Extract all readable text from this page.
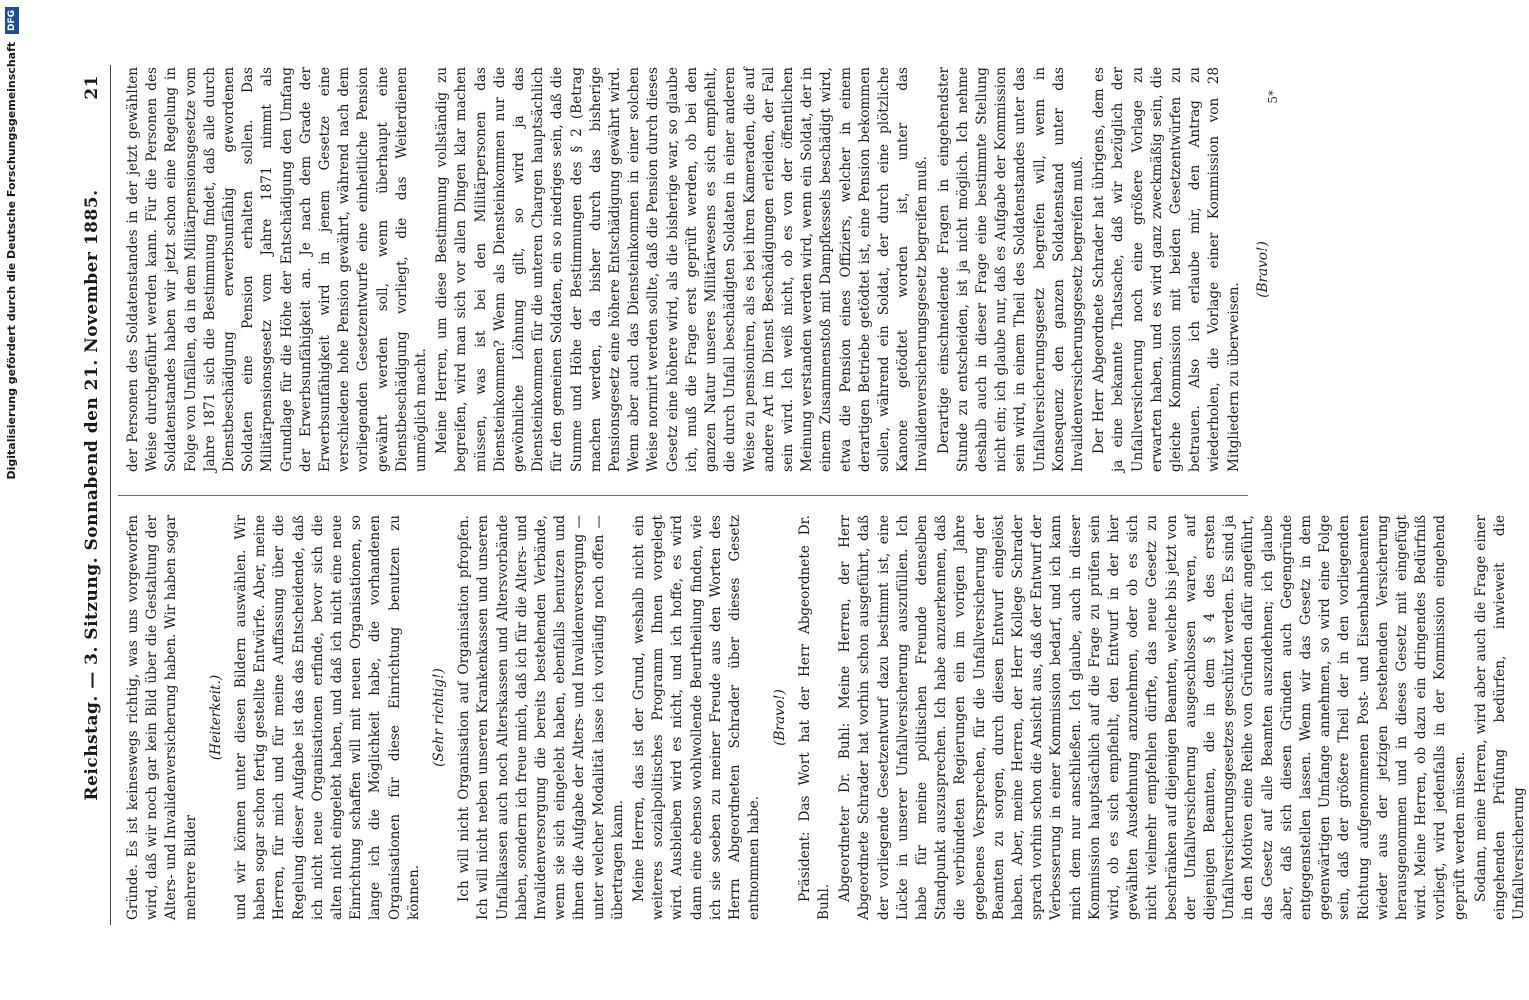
Digitalisierung gefördert durch die Deutsche Forschungsgemeinschaft DFG
Reichstag. — 3. Sitzung. Sonnabend den 21. November 1885.
21

Gründe. Es ist keineswegs richtig, was uns vorgeworfen wird, daß wir noch gar kein Bild über die Gestaltung der Alters- und Invalidenversicherung haben. Wir haben sogar mehrere Bilder

(Heiterkeit.) und wir können unter diesen Bildern auswählen. Wir haben sogar schon fertig gestellte Entwürfe. Aber, meine Herren, für mich und für meine Auffassung über die Regelung dieser Aufgabe ist das das Entscheidende, daß ich nicht neue Organisationen erfinde, bevor sich die alten nicht eingelebt haben, und daß ich nicht eine neue Einrichtung schaffen will mit neuen Organisationen, so lange ich die Möglichkeit habe, die vorhandenen Organisationen für diese Einrichtung benutzen zu können.

(Sehr richtig!) Ich will nicht Organisation auf Organisation pfropfen. Ich will nicht neben unseren Krankenkassen und unseren Unfallkassen auch noch Alterskassen und Altersvorbände haben, sondern ich freue mich, daß ich für die Alters- und Invalidenversorgung die bereits bestehenden Verbände, wenn sie sich eingelebt haben, ebenfalls benutzen und ihnen die Aufgabe der Alters- und Invalidenversorgung — unter welcher Modalität lasse ich vorläufig noch offen — übertragen kann. Meine Herren, das ist der Grund, weshalb nicht ein weiteres sozialpolitisches Programm Ihnen vorgelegt wird. Ausbleiben wird es nicht, und ich hoffe, es wird dann eine ebenso wohlwollende Beurtheilung finden, wie ich sie soeben zu meiner Freude aus den Worten des Herrn Abgeordneten Schrader über dieses Gesetz entnommen habe.

(Bravo!) Präsident: Das Wort hat der Herr Abgeordnete Dr. Buhl. Abgeordneter Dr. Buhl: Meine Herren, der Herr Abgeordnete Schrader hat vorhin schon ausgeführt, daß der vorliegende Gesetzentwurf dazu bestimmt ist, eine Lücke in unserer Unfallversicherung auszufüllen. Ich habe für meine politischen Freunde denselben Standpunkt auszusprechen. Ich habe anzuerkennen, daß die verbündeten Regierungen ein im vorigen Jahre gegebenes Versprechen, für die Unfallversicherung der Beamten zu sorgen, durch diesen Entwurf eingelöst haben. Aber, meine Herren, der Herr Kollege Schrader sprach vorhin schon die Ansicht aus, daß der Entwurf der Verbesserung in einer Kommission bedarf, und ich kann mich dem nur anschließen. Ich glaube, auch in dieser Kommission hauptsächlich auf die Frage zu prüfen sein wird, ob es sich empfiehlt, den Entwurf in der hier gewählten Ausdehnung anzunehmen, oder ob es sich nicht vielmehr empfehlen dürfte, das neue Gesetz zu beschränken auf diejenigen Beamten, welche bis jetzt von der Unfallversicherung ausgeschlossen waren, auf diejenigen Beamten, die in dem § 4 des ersten Unfallversicherungsgesetzes geschützt werden. Es sind ja in den Motiven eine Reihe von Gründen dafür angeführt, das Gesetz auf alle Beamten auszudehnen; ich glaube aber, daß sich diesen Gründen auch Gegengründe entgegenstellen lassen. Wenn wir das Gesetz in dem gegenwärtigen Umfange annehmen, so wird eine Folge sein, daß der größere Theil der in den vorliegenden Richtung aufgenommenen Post- und Eisenbahnbeamten wieder aus der jetzigen bestehenden Versicherung herausgenommen und in dieses Gesetz mit eingefügt wird. Meine Herren, ob dazu ein dringendes Bedürfniß vorliegt, wird jedenfalls in der Kommission eingehend geprüft werden müssen. Sodann, meine Herren, wird aber auch die Frage einer eingehenden Prüfung bedürfen, inwieweit die Unfallversicherung

der Personen des Soldatenstandes in der jetzt gewählten Weise durchgeführt werden kann. Für die Personen des Soldatenstandes haben wir jetzt schon eine Regelung in Folge von Unfällen, da in dem Militärpensionsgesetze vom Jahre 1871 sich die Bestimmung findet, daß alle durch Dienstbeschädigung erwerbsunfähig gewordenen Soldaten eine Pension erhalten sollen. Das Militärpensionsgesetz vom Jahre 1871 nimmt als Grundlage für die Höhe der Entschädigung den Umfang der Erwerbsunfähigkeit an. Je nach dem Grade der Erwerbsunfähigkeit wird in jenem Gesetze eine verschiedene hohe Pension gewährt, während nach dem vorliegenden Gesetzentwurfe eine einheitliche Pension gewährt werden soll, wenn überhaupt eine Dienstbeschädigung vorliegt, die das Weiterdienen unmöglich macht. Meine Herren, um diese Bestimmung vollständig zu begreifen, wird man sich vor allen Dingen klar machen müssen, was ist bei den Militärpersonen das Diensteinkommen? Wenn als Diensteinkommen nur die gewöhnliche Löhnung gilt, so wird ja das Diensteinkommen für die unteren Chargen hauptsächlich für den gemeinen Soldaten, ein so niedriges sein, daß die Summe und Höhe der Bestimmungen des § 2 (Betrag machen werden, da bisher durch das bisherige Pensionsgesetz eine höhere Entschädigung gewährt wird. Wenn aber auch das Diensteinkommen in einer solchen Weise normirt werden sollte, daß die Pension durch dieses Gesetz eine höhere wird, als die bisherige war, so glaube ich, muß die Frage erst geprüft werden, ob bei den ganzen Natur unseres Militärwesens es sich empfiehlt, die durch Unfall beschädigten Soldaten in einer anderen Weise zu pensioniren, als es bei ihren Kameraden, die auf andere Art im Dienst Beschädigungen erleiden, der Fall sein wird. Ich weiß nicht, ob es von der öffentlichen Meinung verstanden werden wird, wenn ein Soldat, der in einem Zusammenstoß mit Dampfkessels beschädigt wird, etwa die Pension eines Offiziers, welcher in einem derartigen Betriebe getödtet ist, eine Pension bekommen sollen, während ein Soldat, der durch eine plötzliche Kanone getödtet worden ist, unter das Invalidenversicherungsgesetz begreifen muß. Derartige einschneidende Fragen in eingehendster Stunde zu entscheiden, ist ja nicht möglich. Ich nehme deshalb auch in dieser Frage eine bestimmte Stellung nicht ein; ich glaube nur, daß es Aufgabe der Kommission sein wird, in einem Theil des Soldatenstandes unter das Unfallversicherungsgesetz begreifen will, wenn in Konsequenz den ganzen Soldatenstand unter das Invalidenversicherungsgesetz begreifen muß. Der Herr Abgeordnete Schrader hat übrigens, dem es ja eine bekannte Thatsache, daß wir bezüglich der Unfallversicherung noch eine größere Vorlage zu erwarten haben, und es wird ganz zweckmäßig sein, die gleiche Kommission mit beiden Gesetzentwürfen zu betrauen. Also ich erlaube mir, den Antrag zu wiederholen, die Vorlage einer Kommission von 28 Mitgliedern zu überweisen.

(Bravo!)

5*
